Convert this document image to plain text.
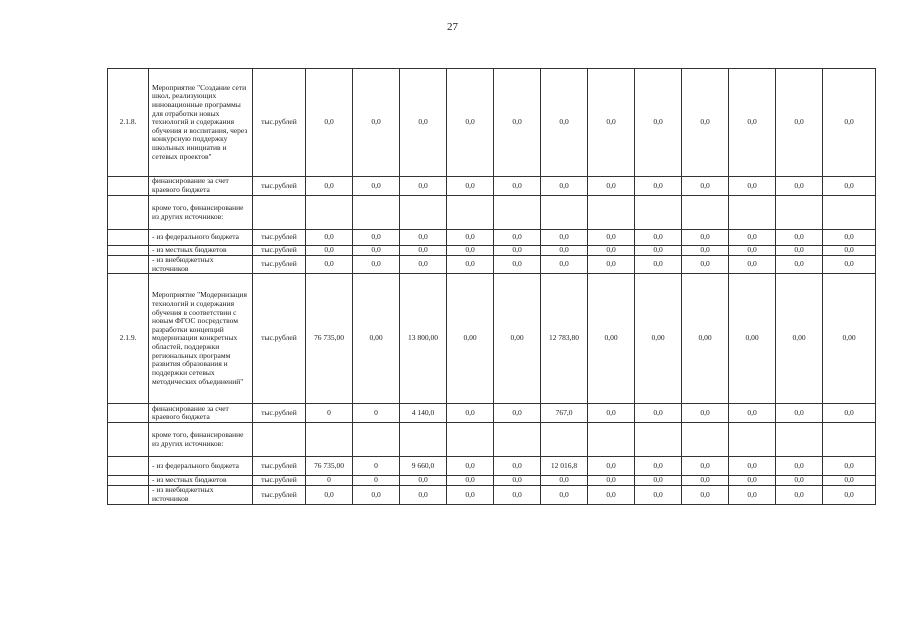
27
2.1.8.	Мероприятие "Создание сети школ, реализующих инновационные программы для отработки новых технологий и содержания обучения и воспитания, через конкурсную поддержку школьных инициатив и сетевых проектов"	тыс.рублей	0,0	0,0	0,0	0,0	0,0	0,0	0,0	0,0	0,0	0,0	0,0	0,0
	финансирование за счет краевого бюджета	тыс.рублей	0,0	0,0	0,0	0,0	0,0	0,0	0,0	0,0	0,0	0,0	0,0	0,0
	кроме того, финансирование из других источников:													
	- из федерального бюджета	тыс.рублей	0,0	0,0	0,0	0,0	0,0	0,0	0,0	0,0	0,0	0,0	0,0	0,0
	- из местных бюджетов	тыс.рублей	0,0	0,0	0,0	0,0	0,0	0,0	0,0	0,0	0,0	0,0	0,0	0,0
	- из внебюджетных источников	тыс.рублей	0,0	0,0	0,0	0,0	0,0	0,0	0,0	0,0	0,0	0,0	0,0	0,0
2.1.9.	Мероприятие "Модернизация технологий и содержания обучения в соответствии с новым ФГОС посредством разработки концепций модернизации конкретных областей, поддержки региональных программ развития образования и поддержки сетевых методических объединений"	тыс.рублей	76 735,00	0,00	13 800,00	0,00	0,00	12 783,80	0,00	0,00	0,00	0,00	0,00	0,00
	финансирование за счет краевого бюджета	тыс.рублей	0	0	4 140,0	0,0	0,0	767,0	0,0	0,0	0,0	0,0	0,0	0,0
	кроме того, финансирование из других источников:													
	- из федерального бюджета	тыс.рублей	76 735,00	0	9 660,0	0,0	0,0	12 016,8	0,0	0,0	0,0	0,0	0,0	0,0
	- из местных бюджетов	тыс.рублей	0	0	0,0	0,0	0,0	0,0	0,0	0,0	0,0	0,0	0,0	0,0
	- из внебюджетных источников	тыс.рублей	0,0	0,0	0,0	0,0	0,0	0,0	0,0	0,0	0,0	0,0	0,0	0,0
